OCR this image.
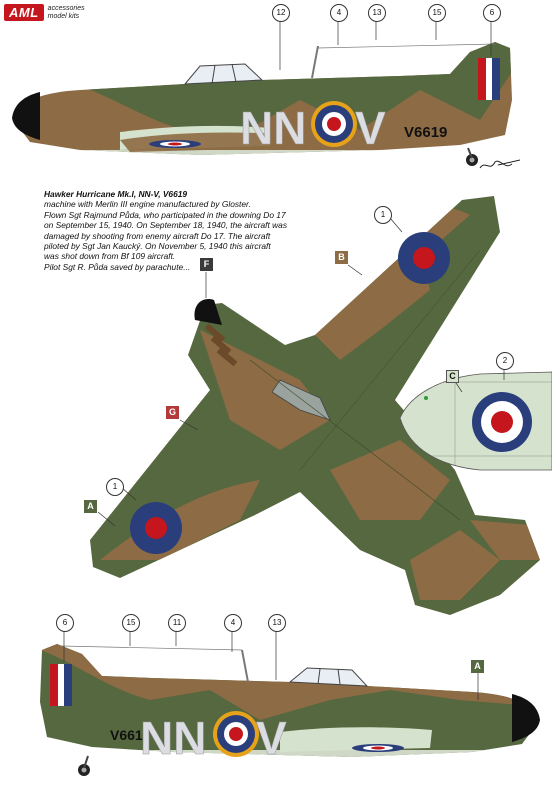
AML	accessories
model kits
NN V V6619
NN V
V661
Hawker Hurricane Mk.I, NN-V, V6619
machine with Merlin III engine manufactured by Gloster.
Flown Sgt Rajmund Půda, who participated in the downing Do 17
on September 15, 1940. On September 18, 1940, the aircraft was
damaged by shooting from enemy aircraft Do 17. The aircraft
piloted by Sgt Jan Kaucký. On November 5, 1940 this aircraft
was shot down from Bf 109 aircraft.
Pilot Sgt R. Půda saved by parachute...
12	4	13	15	6
1
1
2
F
B
C
G
A
A
6	15	11	4	13
